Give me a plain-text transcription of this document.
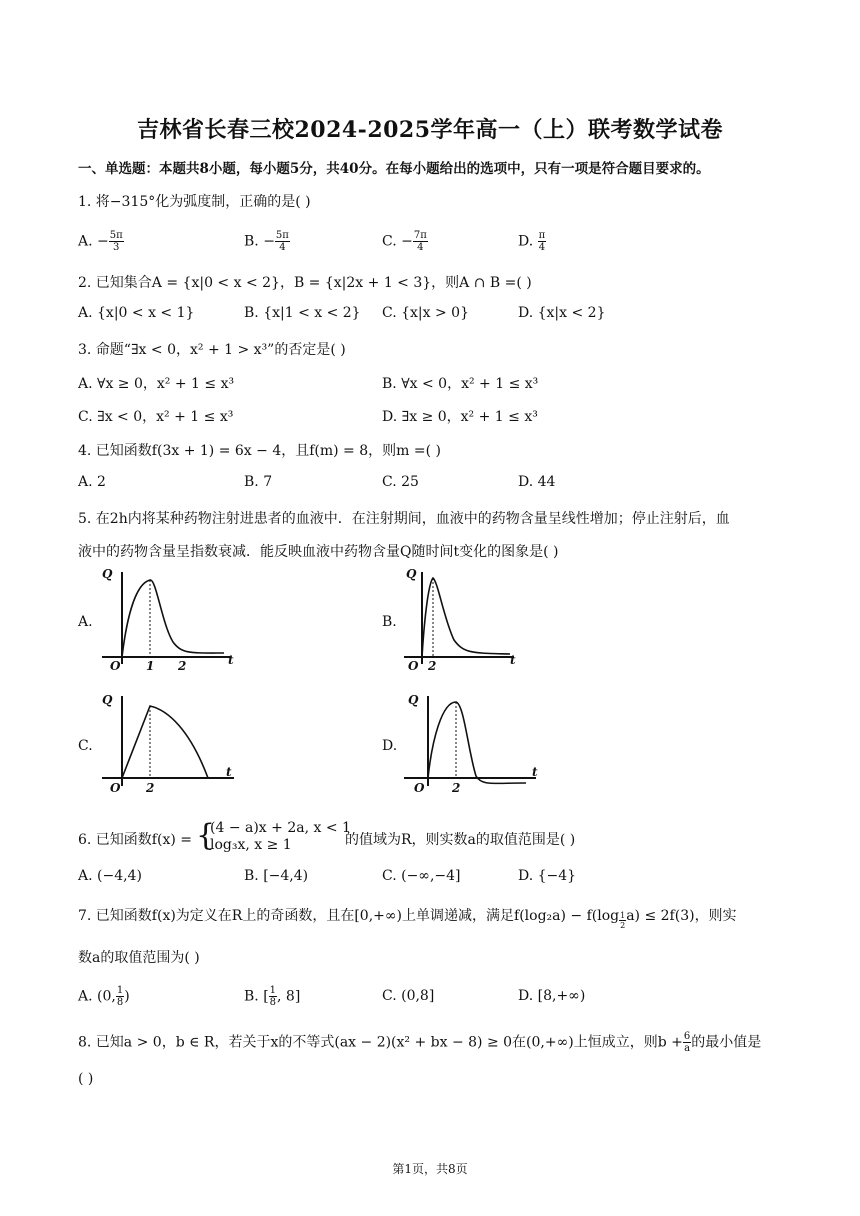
吉林省长春三校2024-2025学年高一（上）联考数学试卷
一、单选题：本题共8小题，每小题5分，共40分。在每小题给出的选项中，只有一项是符合题目要求的。
1. 将−315°化为弧度制，正确的是( )
A. − $\frac{5\pi}{3}$	B. − $\frac{5\pi}{4}$	C. − $\frac{7\pi}{4}$	D. $\frac{\pi}{4}$
2. 已知集合A = {x|0 < x < 2}，B = {x|2x + 1 < 3}，则A ∩ B =( )
A. {x|0 < x < 1}	B. {x|1 < x < 2} C. {x|x > 0}	D. {x|x < 2}
3. 命题“∃x < 0，x² + 1 > x³”的否定是( )
A. ∀x ≥ 0，x² + 1 ≤ x³	B. ∀x < 0，x² + 1 ≤ x³
C. ∃x < 0，x² + 1 ≤ x³	D. ∃x ≥ 0，x² + 1 ≤ x³
4. 已知函数f(3x + 1) = 6x − 4，且f(m) = 8，则m =( )
A. 2	B. 7	C. 25	D. 44
5. 在2h内将某种药物注射进患者的血液中．在注射期间，血液中的药物含量呈线性增加；停止注射后，血
液中的药物含量呈指数衰减．能反映血液中药物含量Q随时间t变化的图象是( )
A.
Q
t
O 1 2
B.
Q
t
O 2
C.
Q
t
O 2
D.
Q
t
O 2
6. 已知函数f(x) = {
(4 − a)x + 2a, x < 1
log₃x, x ≥ 1	的值域为R，则实数a的取值范围是( )
A. (−4,4)	B. [−4,4)	C. (−∞,−4]	D. {−4}
7. 已知函数f(x)为定义在R上的奇函数，且在[0,+∞)上单调递减，满足$f(\log_2a) - f(\log \frac{1}{2} a) \le 2f(3)$，则实
数a的取值范围为( )
A. (0, $\frac{1}{8}$ )	B. [ $\frac{1}{8}$ , 8]	C. (0,8]	D. [8,+∞)
8. 已知a > 0，b ∈ R，若关于x的不等式(ax − 2)(x² + bx − 8) ≥ 0在(0,+∞)上恒成立，则$b + \frac{6}{a}$ 的最小值是
( )
第1页，共8页
